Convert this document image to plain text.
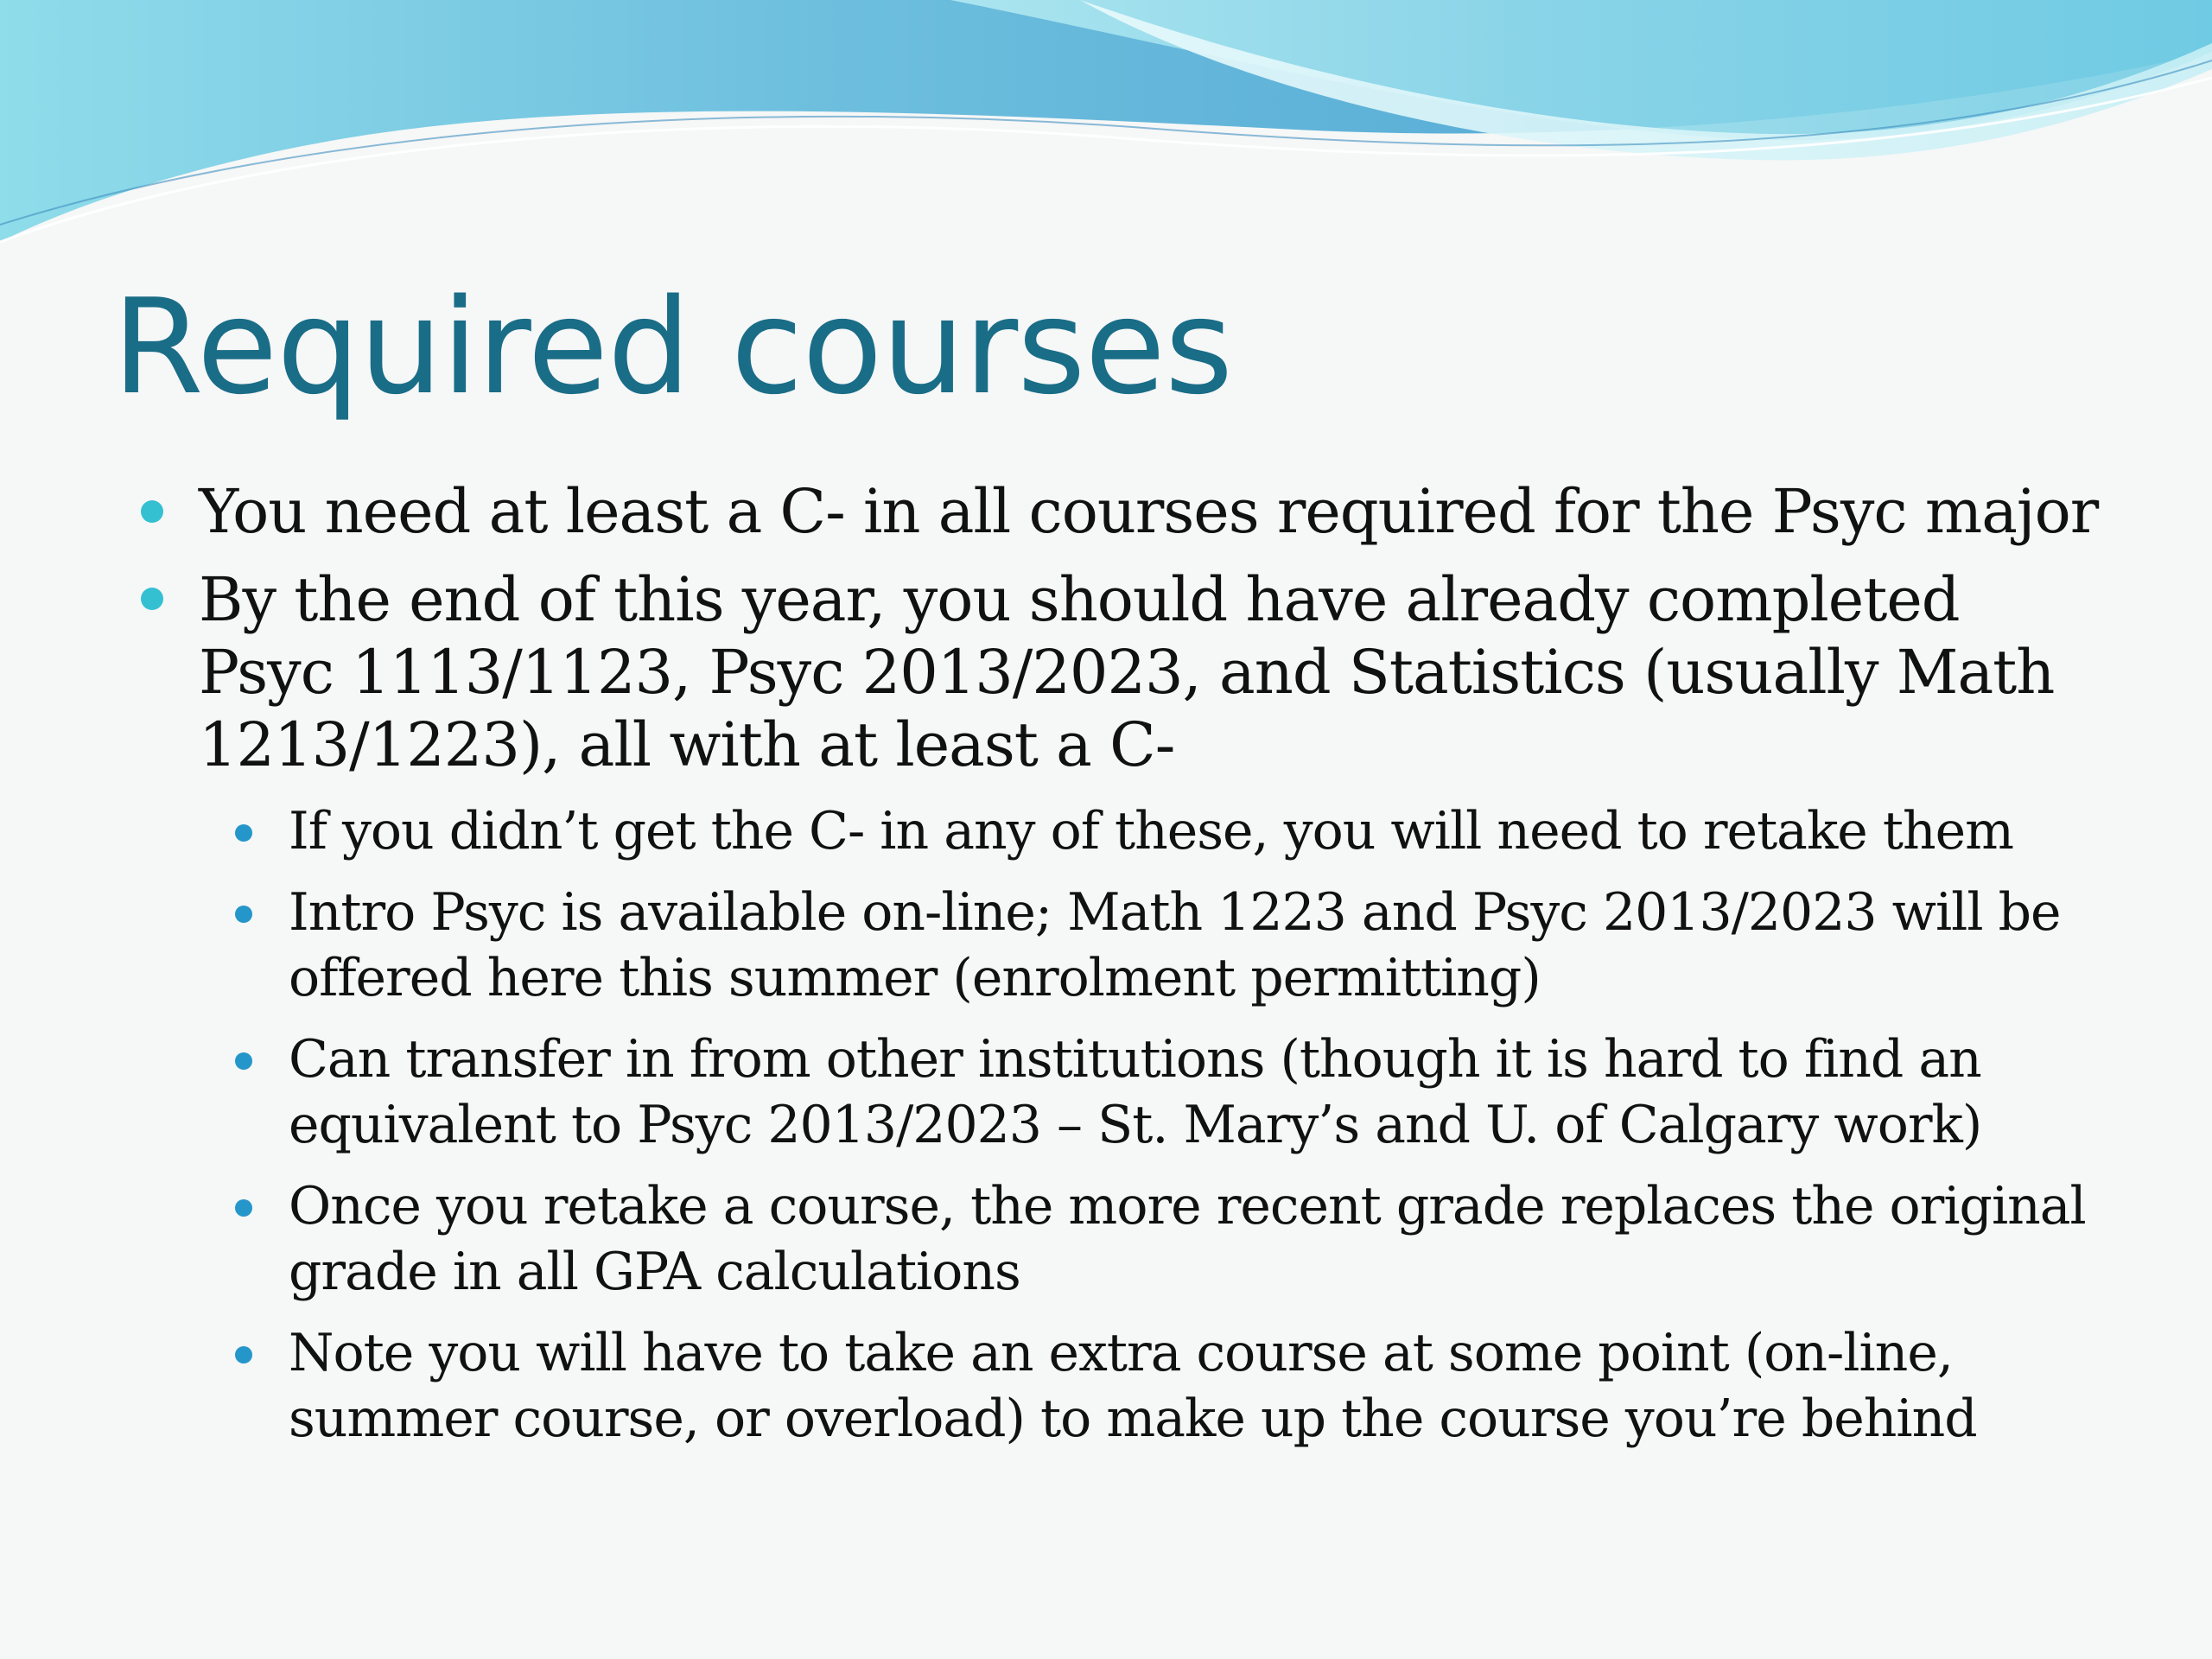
Required courses
You need at least a C- in all courses required for the Psyc major
By the end of this year, you should have already completed Psyc 1113/1123, Psyc 2013/2023, and Statistics (usually Math 1213/1223), all with at least a C-
If you didn’t get the C- in any of these, you will need to retake them
Intro Psyc is available on-line; Math 1223 and Psyc 2013/2023 will be offered here this summer (enrolment permitting)
Can transfer in from other institutions (though it is hard to find an equivalent to Psyc 2013/2023 – St. Mary’s and U. of Calgary work)
Once you retake a course, the more recent grade replaces the original grade in all GPA calculations
Note you will have to take an extra course at some point (on-line, summer course, or overload) to make up the course you’re behind
